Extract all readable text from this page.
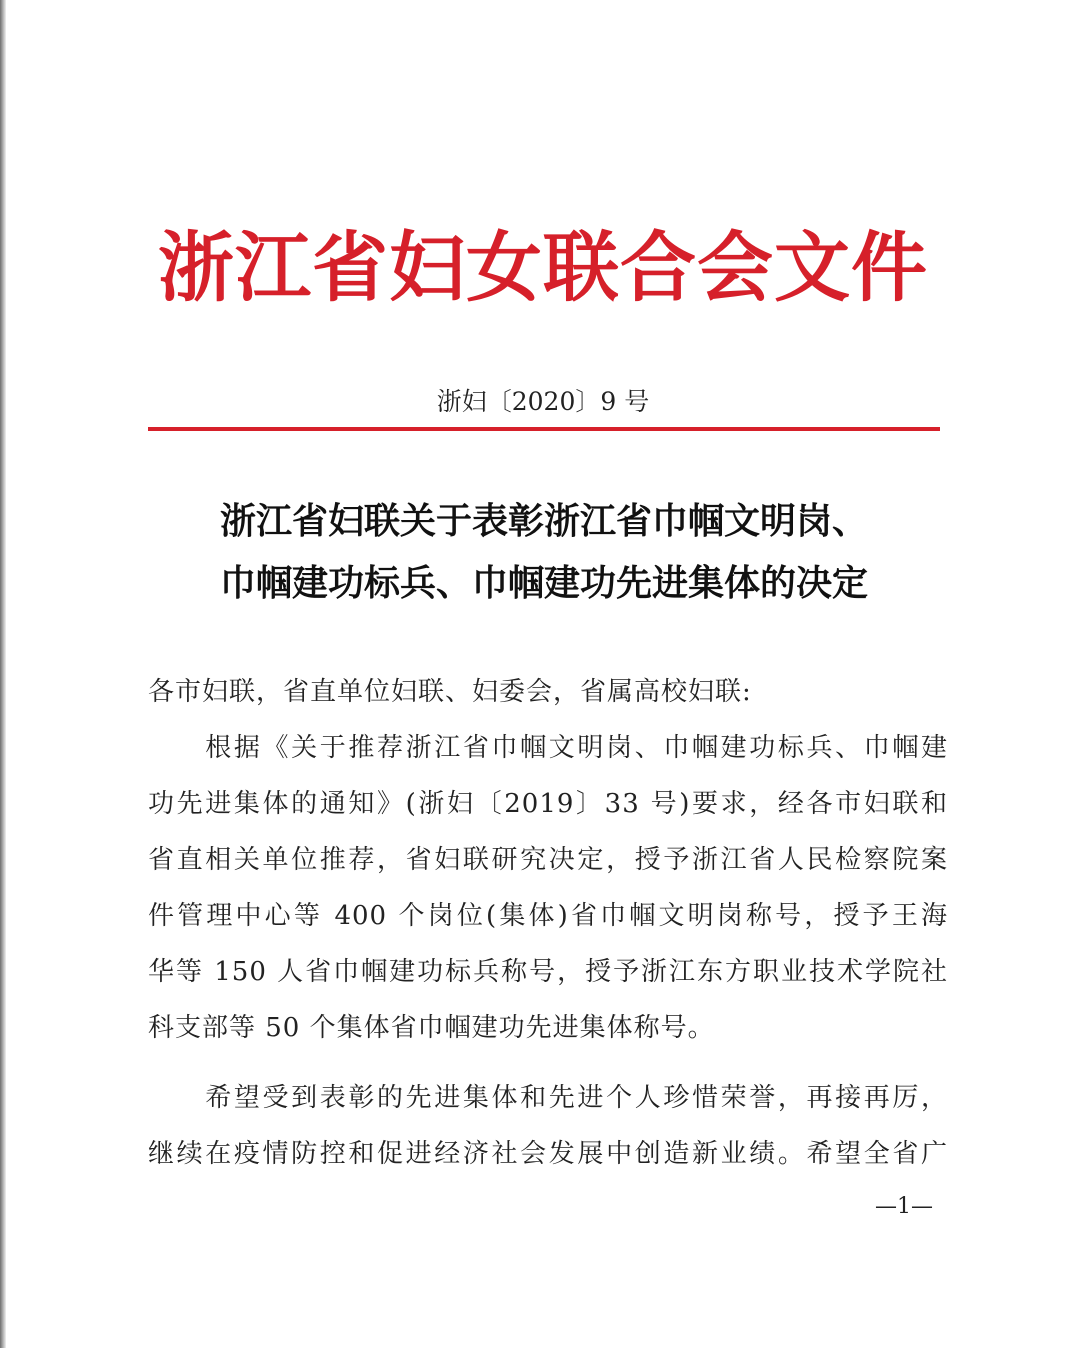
浙江省妇女联合会文件
浙妇〔2020〕9 号
浙江省妇联关于表彰浙江省巾帼文明岗、
巾帼建功标兵、巾帼建功先进集体的决定
各市妇联，省直单位妇联、妇委会，省属高校妇联:
　　根据《关于推荐浙江省巾帼文明岗、巾帼建功标兵、巾帼建
功先进集体的通知》(浙妇〔2019〕33 号)要求，经各市妇联和
省直相关单位推荐，省妇联研究决定，授予浙江省人民检察院案
件管理中心等 400 个岗位(集体)省巾帼文明岗称号，授予王海
华等 150 人省巾帼建功标兵称号，授予浙江东方职业技术学院社
科支部等 50 个集体省巾帼建功先进集体称号。
　　希望受到表彰的先进集体和先进个人珍惜荣誉，再接再厉，
继续在疫情防控和促进经济社会发展中创造新业绩。希望全省广
—1—
